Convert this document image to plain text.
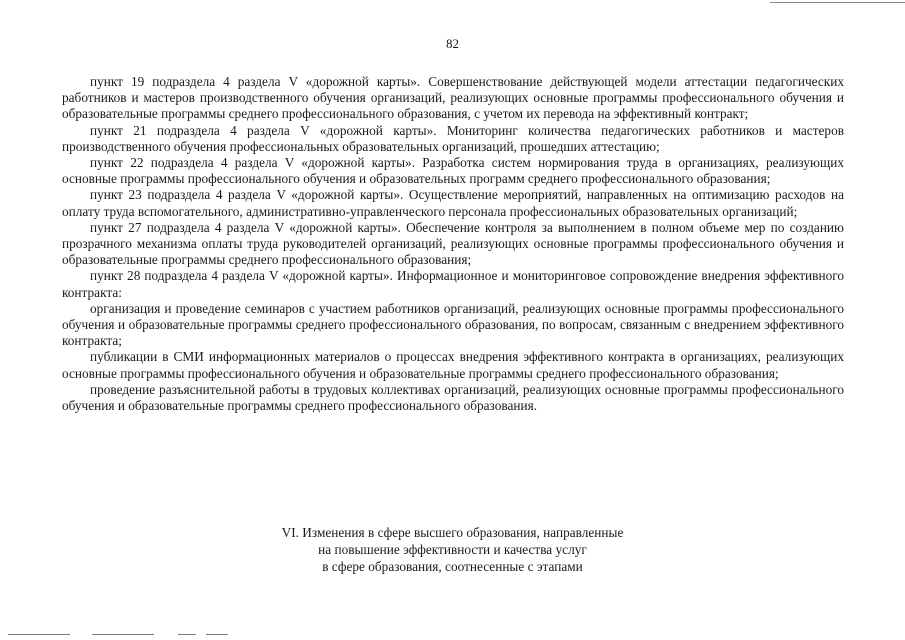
82

пункт 19 подраздела 4 раздела V «дорожной карты». Совершенствование действующей модели аттестации педагогических работников и мастеров производственного обучения организаций, реализующих основные программы профессионального обучения и образовательные программы среднего профессионального образования, с учетом их перевода на эффективный контракт;

пункт 21 подраздела 4 раздела V «дорожной карты». Мониторинг количества педагогических работников и мастеров производственного обучения профессиональных образовательных организаций, прошедших аттестацию;

пункт 22 подраздела 4 раздела V «дорожной карты». Разработка систем нормирования труда в организациях, реализующих основные программы профессионального обучения и образовательных программ среднего профессионального образования;

пункт 23 подраздела 4 раздела V «дорожной карты». Осуществление мероприятий, направленных на оптимизацию расходов на оплату труда вспомогательного, административно-управленческого персонала профессиональных образовательных организаций;

пункт 27 подраздела 4 раздела V «дорожной карты». Обеспечение контроля за выполнением в полном объеме мер по созданию прозрачного механизма оплаты труда руководителей организаций, реализующих основные программы профессионального обучения и образовательные программы среднего профессионального образования;

пункт 28 подраздела 4 раздела V «дорожной карты». Информационное и мониторинговое сопровождение внедрения эффективного контракта:

организация и проведение семинаров с участием работников организаций, реализующих основные программы профессионального обучения и образовательные программы среднего профессионального образования, по вопросам, связанным с внедрением эффективного контракта;

публикации в СМИ информационных материалов о процессах внедрения эффективного контракта в организациях, реализующих основные программы профессионального обучения и образовательные программы среднего профессионального образования;

проведение разъяснительной работы в трудовых коллективах организаций, реализующих основные программы профессионального обучения и образовательные программы среднего профессионального образования.

VI. Изменения в сфере высшего образования, направленные
на повышение эффективности и качества услуг
в сфере образования, соотнесенные с этапами
